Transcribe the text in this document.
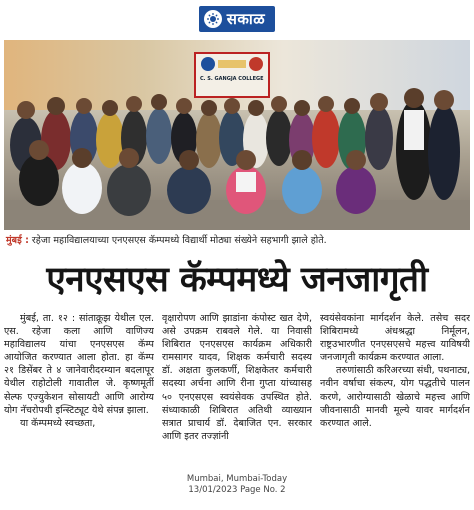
सकाळ
C. S. GANGJA COLLEGE
मुंबई : रहेजा महाविद्यालयाच्या एनएसएस कॅम्पमध्ये विद्यार्थी मोठ्या संख्येने सहभागी झाले होते.
एनएसएस कॅम्पमध्ये जनजागृती

मुंबई, ता. १२ : सांताक्रूझ येथील एल. एस. रहेजा कला आणि वाणिज्य महाविद्यालय यांचा एनएसएस कॅम्प आयोजित करण्यात आला होता. हा कॅम्प २१ डिसेंबर ते ४ जानेवारीदरम्यान बदलापूर येथील राहोटोली गावातील जे. कृष्णमूर्ती सेल्फ एज्युकेशन सोसायटी आणि आरोग्य योग नॅचरोपथी इन्स्टिट्यूट येथे संपन्न झाला.

या कॅम्पमध्ये स्वच्छता,

वृक्षारोपण आणि झाडांना कंपोस्ट खत देणे, असे उपक्रम राबवले गेले. या निवासी शिबिरात एनएसएस कार्यक्रम अधिकारी रामसागर यादव, शिक्षक कर्मचारी सदस्य डॉ. अक्षता कुलकर्णी, शिक्षकेतर कर्मचारी सदस्या अर्चना आणि रीना गुप्ता यांच्यासह ५० एनएसएस स्वयंसेवक उपस्थित होते. संध्याकाळी शिबिरात अतिथी व्याख्यान सत्रात प्राचार्य डॉ. देबाजित एन. सरकार आणि इतर तज्ज्ञांनी

स्वयंसेवकांना मार्गदर्शन केले. तसेच सदर शिबिरामध्ये अंधश्रद्धा निर्मूलन, राष्ट्रउभारणीत एनएसएसचे महत्त्व याविषयी जनजागृती कार्यक्रम करण्यात आला.

तरुणांसाठी करिअरच्या संधी, पथनाट्य, नवीन वर्षाचा संकल्प, योग पद्धतीचे पालन करणे, आरोग्यासाठी खेळाचे महत्त्व आणि जीवनासाठी मानवी मूल्ये यावर मार्गदर्शन करण्यात आले.

Mumbai, Mumbai-Today
13/01/2023 Page No. 2
